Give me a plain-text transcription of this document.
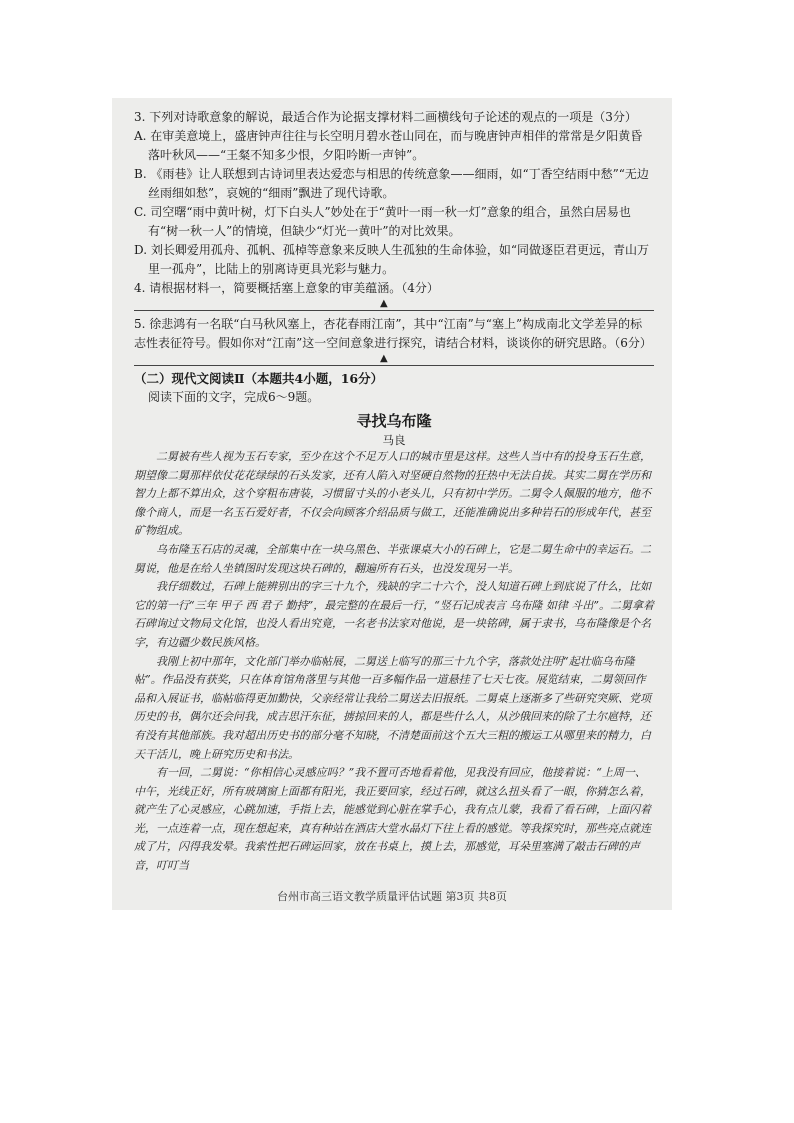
3. 下列对诗歌意象的解说，最适合作为论据支撑材料二画横线句子论述的观点的一项是（3分）

A. 在审美意境上，盛唐钟声往往与长空明月碧水苍山同在，而与晚唐钟声相伴的常常是夕阳黄昏落叶秋风——“王粲不知多少恨，夕阳吟断一声钟”。

B. 《雨巷》让人联想到古诗词里表达爱恋与相思的传统意象——细雨，如“丁香空结雨中愁”“无边丝雨细如愁”，哀婉的“细雨”飘进了现代诗歌。

C. 司空曙“雨中黄叶树，灯下白头人”妙处在于“黄叶一雨一秋一灯”意象的组合，虽然白居易也有“树一秋一人”的情境，但缺少“灯光一黄叶”的对比效果。

D. 刘长卿爱用孤舟、孤帆、孤棹等意象来反映人生孤独的生命体验，如“同做逐臣君更远，青山万里一孤舟”，比陆上的别离诗更具光彩与魅力。

4. 请根据材料一，简要概括塞上意象的审美蕴涵。（4分）

▲

5. 徐悲鸿有一名联“白马秋风塞上，杏花春雨江南”，其中“江南”与“塞上”构成南北文学差异的标志性表征符号。假如你对“江南”这一空间意象进行探究，请结合材料，谈谈你的研究思路。（6分）

▲
（二）现代文阅读Ⅱ（本题共4小题，16分）
阅读下面的文字，完成6～9题。
寻找乌布隆
马良

二舅被有些人视为玉石专家，至少在这个不足万人口的城市里是这样。这些人当中有的投身玉石生意，期望像二舅那样依仗花花绿绿的石头发家，还有人陷入对坚硬自然物的狂热中无法自拔。其实二舅在学历和智力上都不算出众，这个穿粗布唐装，习惯留寸头的小老头儿，只有初中学历。二舅令人佩服的地方，他不像个商人，而是一名玉石爱好者，不仅会向顾客介绍品质与做工，还能准确说出多种岩石的形成年代，甚至矿物组成。

乌布隆玉石店的灵魂，全部集中在一块乌黑色、半张课桌大小的石碑上，它是二舅生命中的幸运石。二舅说，他是在给人坐镇图时发现这块石碑的，翻遍所有石头，也没发现另一半。

我仔细数过，石碑上能辨别出的字三十九个，残缺的字二十六个，没人知道石碑上到底说了什么，比如它的第一行“三年 甲子 西 君子 勤持”，最完整的在最后一行，“竖石记成表言 乌布隆 如律 斗出”。二舅拿着石碑询过文物局文化馆，也没人看出究竟，一名老书法家对他说，是一块铭碑，属于隶书，乌布隆像是个名字，有边疆少数民族风格。

我刚上初中那年，文化部门举办临帖展，二舅送上临写的那三十九个字，落款处注明“起壮临乌布隆帖”。作品没有获奖，只在体育馆角落里与其他一百多幅作品一道悬挂了七天七夜。展览结束，二舅领回作品和入展证书，临帖临得更加勤快，父亲经常让我给二舅送去旧报纸。二舅桌上逐渐多了些研究突厥、党项历史的书，偶尔还会问我，成吉思汗东征，掳掠回来的人，都是些什么人，从沙俄回来的除了土尔扈特，还有没有其他部族。我对超出历史书的部分毫不知晓，不清楚面前这个五大三粗的搬运工从哪里来的精力，白天干活儿，晚上研究历史和书法。

有一回，二舅说：“你相信心灵感应吗？”我不置可否地看着他，见我没有回应，他接着说：“上周一、中午，光线正好，所有玻璃窗上面都有阳光，我正要回家，经过石碑，就这么扭头看了一眼，你猜怎么着，就产生了心灵感应，心跳加速，手指上去，能感觉到心脏在掌手心，我有点儿蒙，我看了看石碑，上面闪着光，一点连着一点，现在想起来，真有种站在酒店大堂水晶灯下往上看的感觉。等我探究时，那些亮点就连成了片，闪得我发晕。我索性把石碑运回家，放在书桌上，摸上去，那感觉，耳朵里塞满了敲击石碑的声音，叮叮当

台州市高三语文教学质量评估试题 第3页 共8页
